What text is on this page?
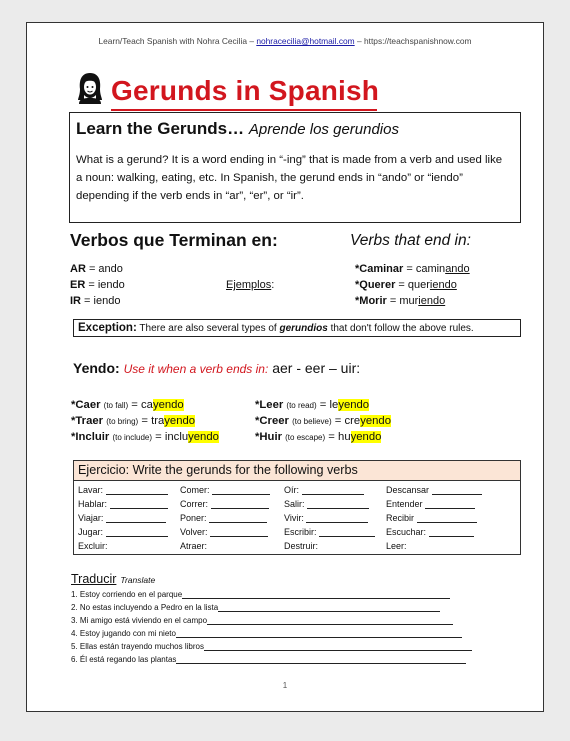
Learn/Teach Spanish with Nohra Cecilia – nohracecilia@hotmail.com – https://teachspanishnow.com
Gerunds in Spanish
Learn the Gerunds… Aprende los gerundios
What is a gerund? It is a word ending in “-ing” that is made from a verb and used like a noun: walking, eating, etc. In Spanish, the gerund ends in “ando” or “iendo” depending if the verb ends in “ar”, “er”, or “ir”.
Verbos que Terminan en:	Verbs that end in:
AR = ando
ER = iendo
IR = iendo
Ejemplos:
*Caminar = caminando
*Querer = queriendo
*Morir = muriendo
Exception: There are also several types of gerundios that don't follow the above rules.
Yendo: Use it when a verb ends in: aer - eer – uir:
*Caer (to fall) = cayendo
*Traer (to bring) = trayendo
*Incluir (to include) = incluyendo
*Leer (to read) = leyendo
*Creer (to believe) = creyendo
*Huir (to escape) = huyendo
Ejercicio: Write the gerunds for the following verbs
Lavar:	Comer:	Oír:	Descansar
Hablar:	Correr:	Salir:	Entender
Viajar:	Poner:	Vivir:	Recibir
Jugar:	Volver:	Escribir:	Escuchar:
Excluir:	Atraer:	Destruir:	Leer:
Traducir Translate
1. Estoy corriendo en el parque
2. No estas incluyendo a Pedro en la lista
3. Mi amigo está viviendo en el campo
4. Estoy jugando con mi nieto
5. Ellas están trayendo muchos libros
6. Él está regando las plantas
1
